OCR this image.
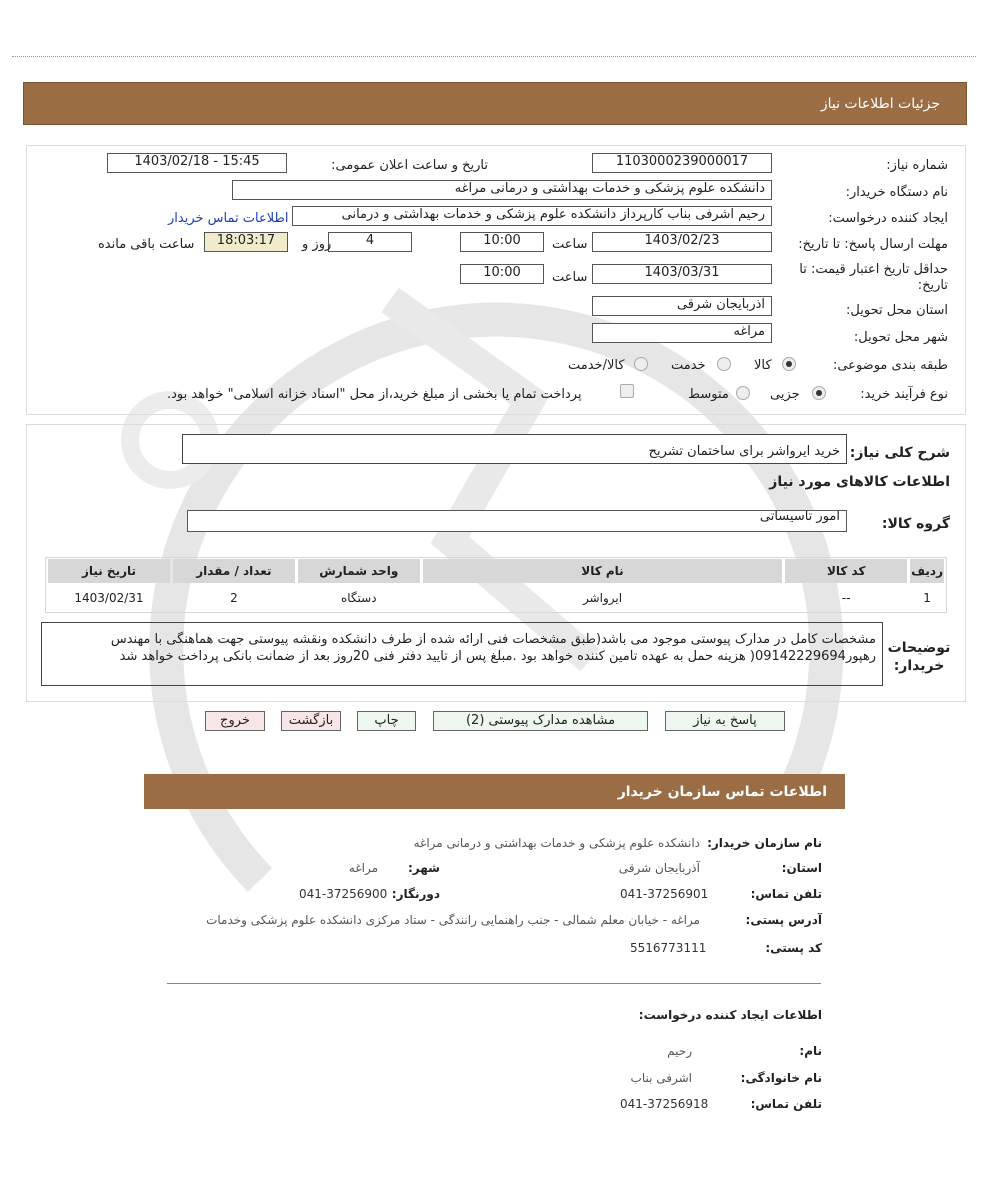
جزئیات اطلاعات نیاز
شماره نیاز:
1103000239000017
تاریخ و ساعت اعلان عمومی:
1403/02/18 - 15:45
نام دستگاه خریدار:
دانشکده علوم پزشکی و خدمات بهداشتی و درمانی مراغه
ایجاد کننده درخواست:
رحیم اشرفی بناب کارپرداز دانشکده علوم پزشکی و خدمات بهداشتی و درمانی
اطلاعات تماس خریدار
مهلت ارسال پاسخ: تا تاریخ:
1403/02/23
ساعت
10:00
4
روز و
18:03:17
ساعت باقی مانده
حداقل تاریخ اعتبار قیمت: تا تاریخ:
1403/03/31
ساعت
10:00
استان محل تحویل:
آذربایجان شرقی
شهر محل تحویل:
مراغه
طبقه بندی موضوعی:
کالا
خدمت
کالا/خدمت
نوع فرآیند خرید:
جزیی
متوسط
پرداخت تمام یا بخشی از مبلغ خرید،از محل "اسناد خزانه اسلامی" خواهد بود.
شرح کلی نیاز:
خرید ایرواشر برای ساختمان تشریح
اطلاعات کالاهای مورد نیاز
گروه کالا:
امور تاسیساتی
ردیف	کد کالا	نام کالا	واحد شمارش	تعداد / مقدار	تاریخ نیاز
1	--	ایرواشر	دستگاه	2	1403/02/31
توضیحات خریدار:
مشخصات کامل در مدارک پیوستی موجود می باشد(طبق مشخصات فنی ارائه شده از طرف دانشکده ونقشه پیوستی جهت هماهنگی با مهندس رهپور09142229694( هزینه حمل به عهده تامین کننده خواهد بود .مبلغ پس از تایید دفتر فنی 20روز بعد از ضمانت بانکی پرداخت خواهد شد
پاسخ به نیاز
مشاهده مدارک پیوستی (2)
چاپ
بازگشت
خروج
اطلاعات تماس سازمان خریدار
نام سازمان خریدار:
دانشکده علوم پزشکی و خدمات بهداشتی و درمانی مراغه
استان:
آذربایجان شرقی
شهر:
مراغه
تلفن تماس:
041-37256901
دورنگار:
041-37256900
آدرس پستی:
مراغه - خیابان معلم شمالی - جنب راهنمایی رانندگی - ستاد مرکزی دانشکده علوم پزشکی وخدمات
کد پستی:
5516773111
اطلاعات ایجاد کننده درخواست:
نام:
رحیم
نام خانوادگی:
اشرفی بناب
تلفن تماس:
041-37256918
